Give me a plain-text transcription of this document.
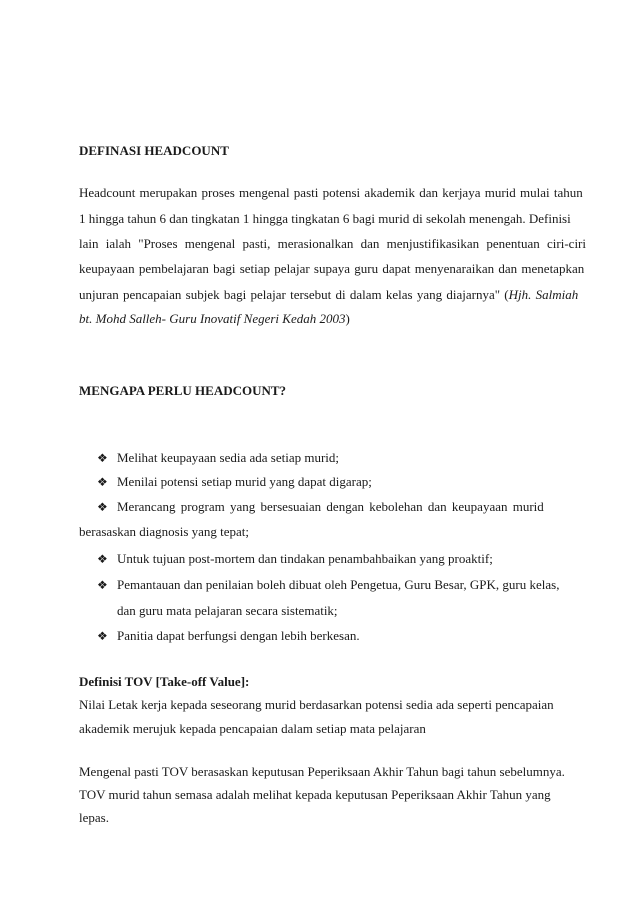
DEFINASI HEADCOUNT
Headcount merupakan proses mengenal pasti potensi akademik dan kerjaya murid mulai tahun
1 hingga tahun 6 dan tingkatan 1 hingga tingkatan 6 bagi murid di sekolah menengah. Definisi
lain ialah "Proses mengenal pasti, merasionalkan dan menjustifikasikan penentuan ciri-ciri
keupayaan pembelajaran bagi setiap pelajar supaya guru dapat menyenaraikan dan menetapkan
unjuran pencapaian subjek bagi pelajar tersebut di dalam kelas yang diajarnya" (Hjh. Salmiah
bt. Mohd Salleh- Guru Inovatif Negeri Kedah 2003)
MENGAPA PERLU HEADCOUNT?
❖ Melihat keupayaan sedia ada setiap murid;
❖ Menilai potensi setiap murid yang dapat digarap;
❖ Merancang program yang bersesuaian dengan kebolehan dan keupayaan murid
berasaskan diagnosis yang tepat;
❖ Untuk tujuan post-mortem dan tindakan penambahbaikan yang proaktif;
❖ Pemantauan dan penilaian boleh dibuat oleh Pengetua, Guru Besar, GPK, guru kelas,
dan guru mata pelajaran secara sistematik;
❖ Panitia dapat berfungsi dengan lebih berkesan.
Definisi TOV [Take-off Value]:
Nilai Letak kerja kepada seseorang murid berdasarkan potensi sedia ada seperti pencapaian
akademik merujuk kepada pencapaian dalam setiap mata pelajaran
Mengenal pasti TOV berasaskan keputusan Peperiksaan Akhir Tahun bagi tahun sebelumnya.
TOV murid tahun semasa adalah melihat kepada keputusan Peperiksaan Akhir Tahun yang
lepas.
